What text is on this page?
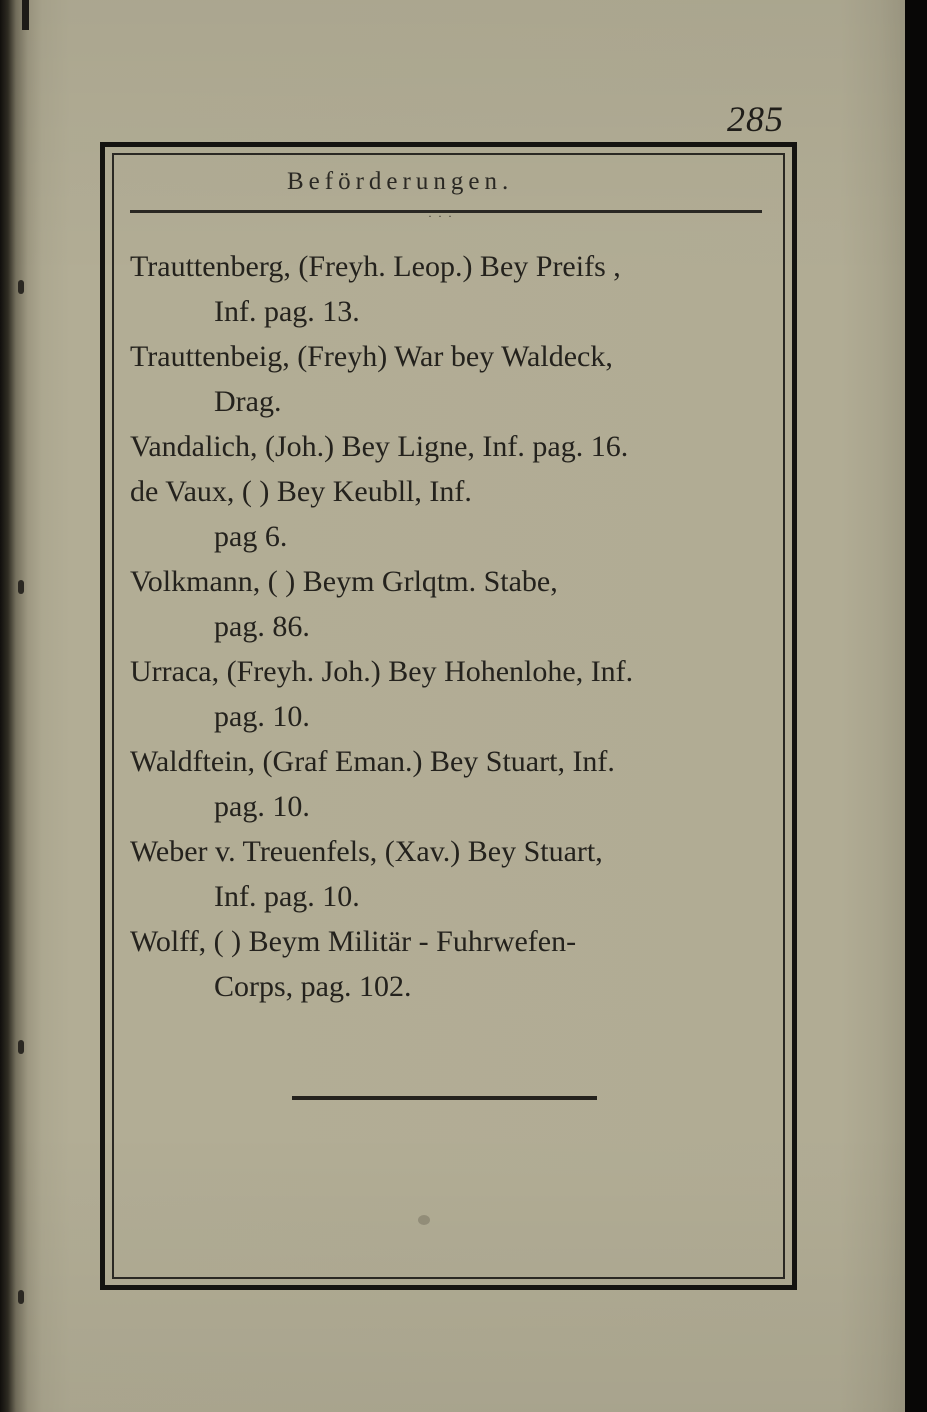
285
Beförderungen.
···
Trauttenberg, (Freyh. Leop.) Bey Preifs ,
Inf. pag. 13.
Trauttenbeig, (Freyh) War bey Waldeck,
Drag.
Vandalich, (Joh.) Bey Ligne, Inf. pag. 16.
de Vaux, ( ) Bey Keubll, Inf.
pag 6.
Volkmann, ( ) Beym Grlqtm. Stabe,
pag. 86.
Urraca, (Freyh. Joh.) Bey Hohenlohe, Inf.
pag. 10.
Waldftein, (Graf Eman.) Bey Stuart, Inf.
pag. 10.
Weber v. Treuenfels, (Xav.) Bey Stuart,
Inf. pag. 10.
Wolff, ( ) Beym Militär - Fuhrwefen-
Corps, pag. 102.
